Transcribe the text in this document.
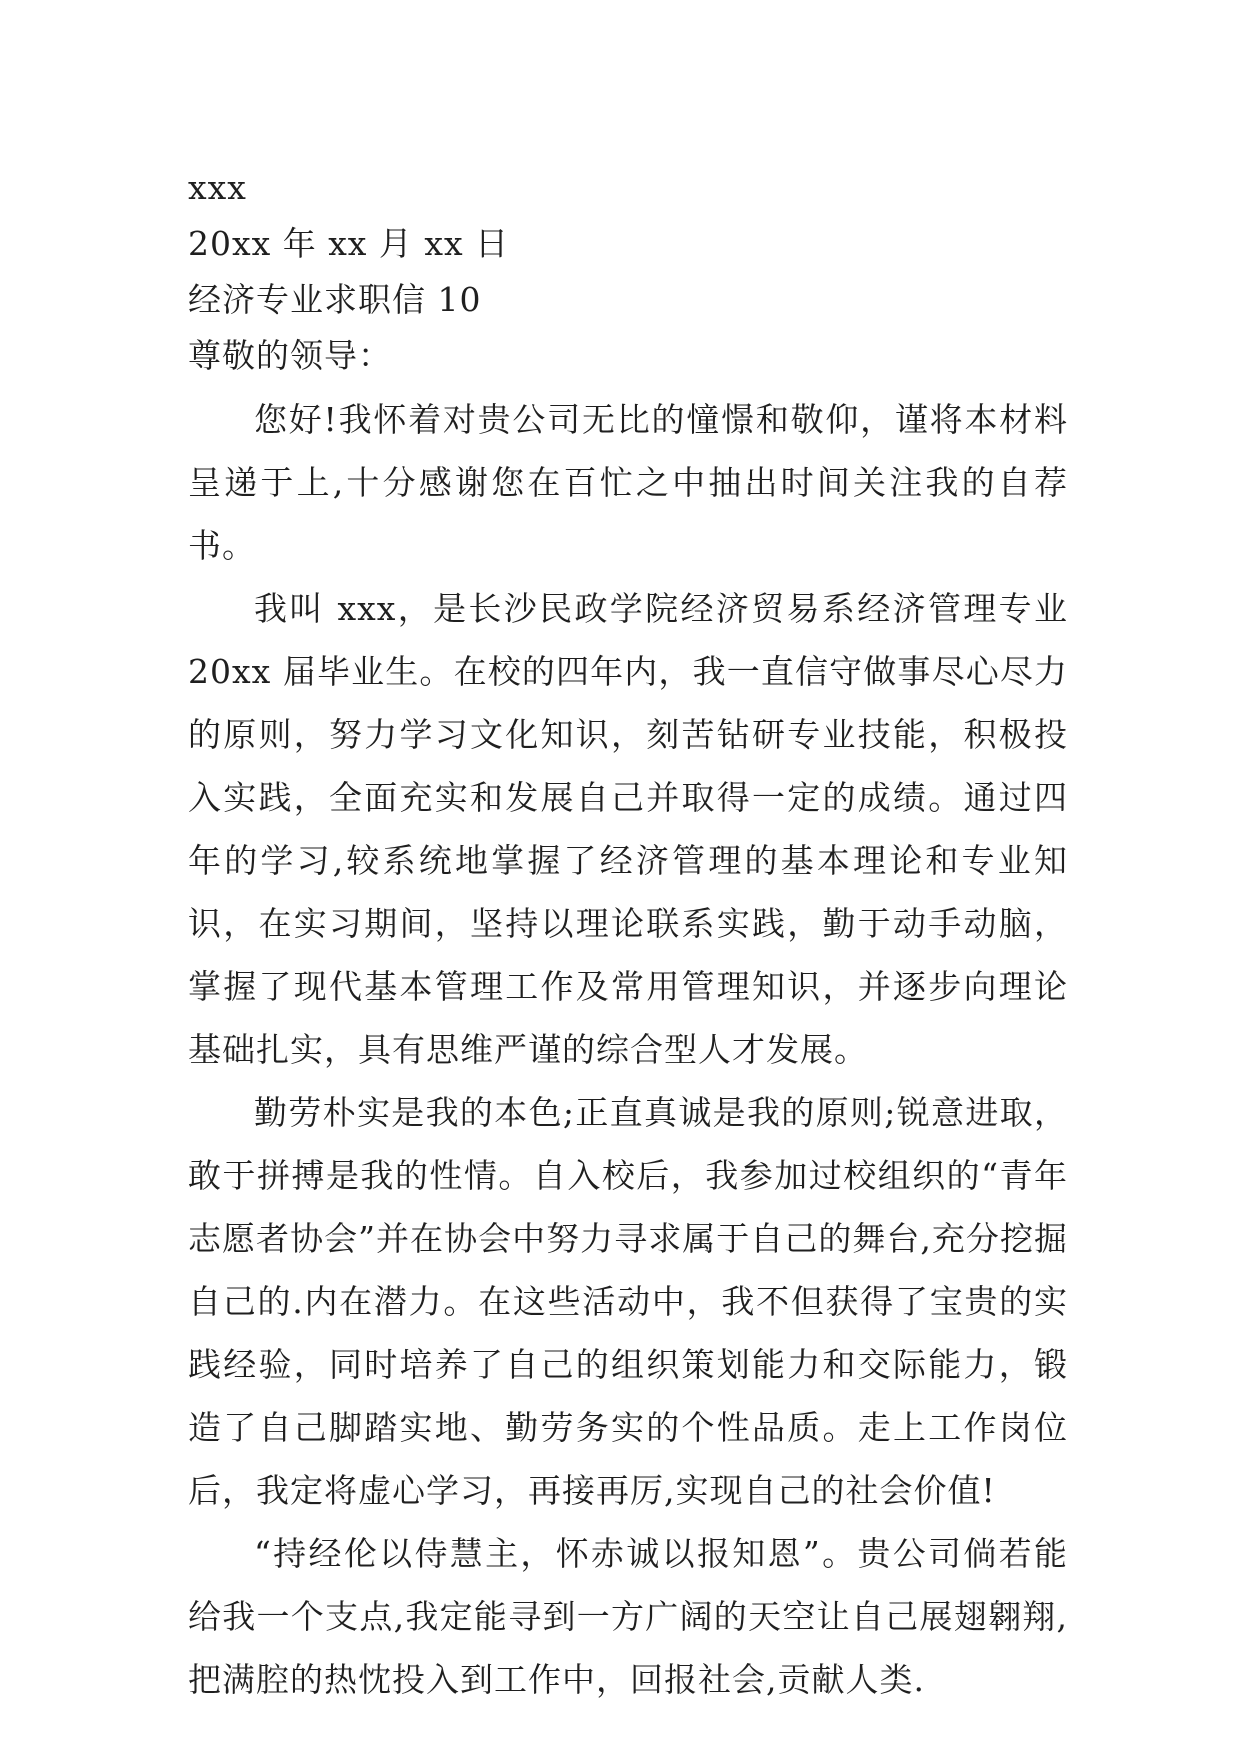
xxx

20xx 年 xx 月 xx 日

经济专业求职信 10

尊敬的领导：

您好!我怀着对贵公司无比的憧憬和敬仰，谨将本材料呈递于上,十分感谢您在百忙之中抽出时间关注我的自荐书。

我叫 xxx，是长沙民政学院经济贸易系经济管理专业 20xx 届毕业生。在校的四年内，我一直信守做事尽心尽力的原则，努力学习文化知识，刻苦钻研专业技能，积极投入实践，全面充实和发展自己并取得一定的成绩。通过四年的学习,较系统地掌握了经济管理的基本理论和专业知识，在实习期间，坚持以理论联系实践，勤于动手动脑，掌握了现代基本管理工作及常用管理知识，并逐步向理论基础扎实，具有思维严谨的综合型人才发展。

勤劳朴实是我的本色;正直真诚是我的原则;锐意进取，敢于拼搏是我的性情。自入校后，我参加过校组织的“青年志愿者协会”并在协会中努力寻求属于自己的舞台,充分挖掘自己的.内在潜力。在这些活动中，我不但获得了宝贵的实践经验，同时培养了自己的组织策划能力和交际能力，锻造了自己脚踏实地、勤劳务实的个性品质。走上工作岗位后，我定将虚心学习，再接再厉,实现自己的社会价值!

“持经伦以侍慧主，怀赤诚以报知恩”。贵公司倘若能给我一个支点,我定能寻到一方广阔的天空让自己展翅翱翔,把满腔的热忱投入到工作中，回报社会,贡献人类.
